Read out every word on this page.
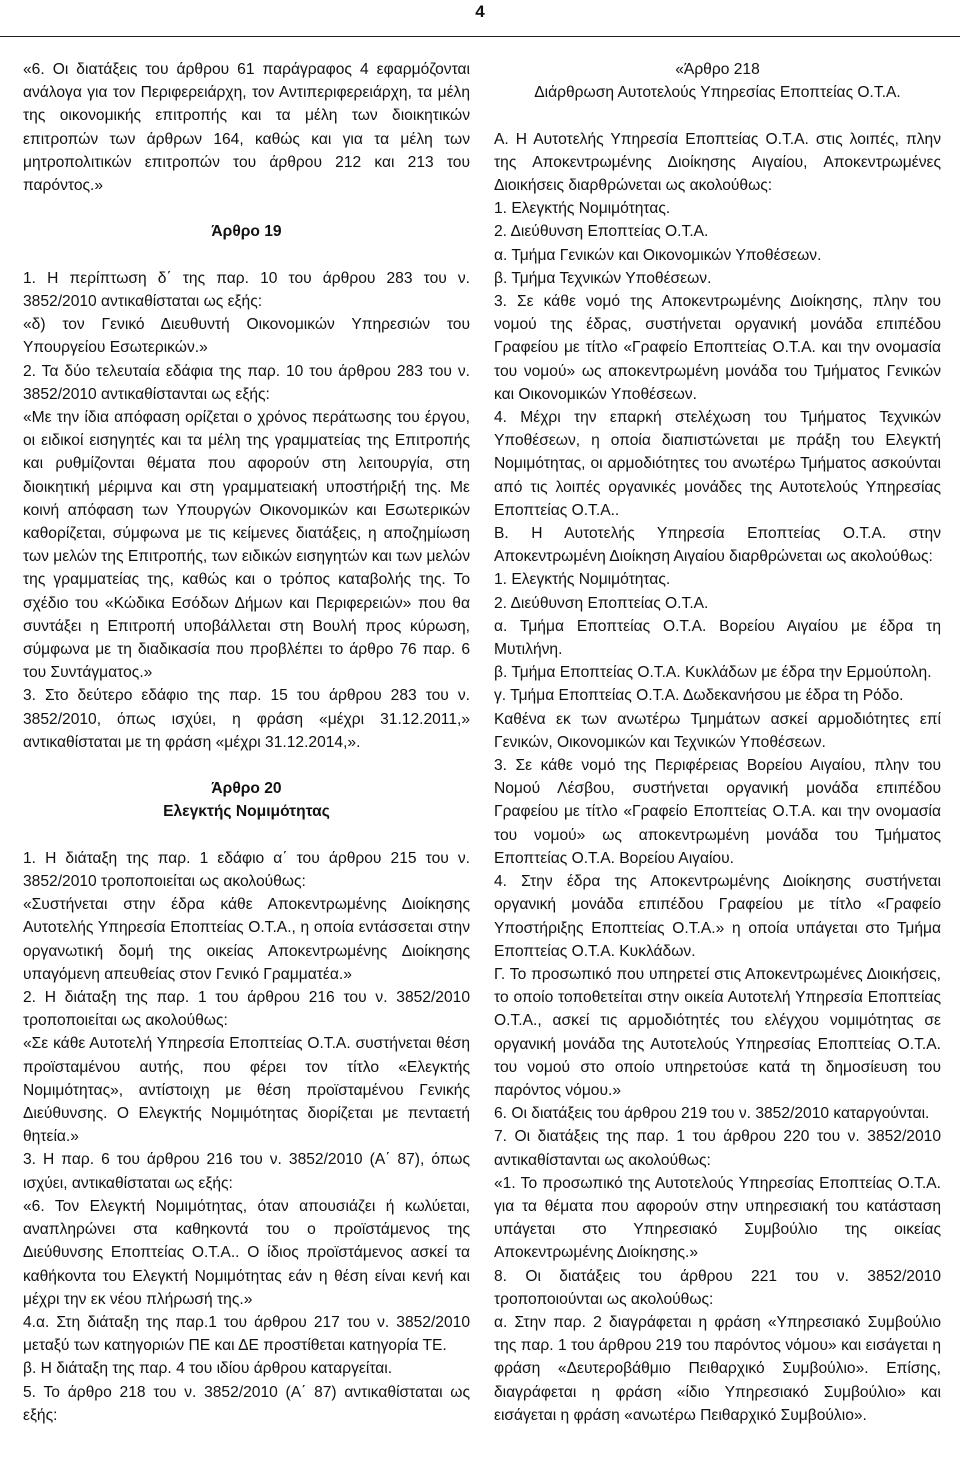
4

«6. Οι διατάξεις του άρθρου 61 παράγραφος 4 εφαρμόζονται ανάλογα για τον Περιφερειάρχη, τον Αντιπεριφερειάρχη, τα μέλη της οικονομικής επιτροπής και τα μέλη των διοικητικών επιτροπών των άρθρων 164, καθώς και για τα μέλη των μητροπολιτικών επιτροπών του άρθρου 212 και 213 του παρόντος.»

Άρθρο 19

1. Η περίπτωση δ΄ της παρ. 10 του άρθρου 283 του ν. 3852/2010 αντικαθίσταται ως εξής:

«δ) τον Γενικό Διευθυντή Οικονομικών Υπηρεσιών του Υπουργείου Εσωτερικών.»

2. Τα δύο τελευταία εδάφια της παρ. 10 του άρθρου 283 του ν. 3852/2010 αντικαθίστανται ως εξής:

«Με την ίδια απόφαση ορίζεται ο χρόνος περάτωσης του έργου, οι ειδικοί εισηγητές και τα μέλη της γραμματείας της Επιτροπής και ρυθμίζονται θέματα που αφορούν στη λειτουργία, στη διοικητική μέριμνα και στη γραμματειακή υποστήριξή της. Με κοινή απόφαση των Υπουργών Οικονομικών και Εσωτερικών καθορίζεται, σύμφωνα με τις κείμενες διατάξεις, η αποζημίωση των μελών της Επιτροπής, των ειδικών εισηγητών και των μελών της γραμματείας της, καθώς και ο τρόπος καταβολής της. Το σχέδιο του «Κώδικα Εσόδων Δήμων και Περιφερειών» που θα συντάξει η Επιτροπή υποβάλλεται στη Βουλή προς κύρωση, σύμφωνα με τη διαδικασία που προβλέπει το άρθρο 76 παρ. 6 του Συντάγματος.»

3. Στο δεύτερο εδάφιο της παρ. 15 του άρθρου 283 του ν. 3852/2010, όπως ισχύει, η φράση «μέχρι 31.12.2011,» αντικαθίσταται με τη φράση «μέχρι 31.12.2014,».

Άρθρο 20
Ελεγκτής Νομιμότητας

1. Η διάταξη της παρ. 1 εδάφιο α΄ του άρθρου 215 του ν. 3852/2010 τροποποιείται ως ακολούθως:

«Συστήνεται στην έδρα κάθε Αποκεντρωμένης Διοίκησης Αυτοτελής Υπηρεσία Εποπτείας Ο.Τ.Α., η οποία εντάσσεται στην οργανωτική δομή της οικείας Αποκεντρωμένης Διοίκησης υπαγόμενη απευθείας στον Γενικό Γραμματέα.»

2. Η διάταξη της παρ. 1 του άρθρου 216 του ν. 3852/2010 τροποποιείται ως ακολούθως:

«Σε κάθε Αυτοτελή Υπηρεσία Εποπτείας Ο.Τ.Α. συστήνεται θέση προϊσταμένου αυτής, που φέρει τον τίτλο «Ελεγκτής Νομιμότητας», αντίστοιχη με θέση προϊσταμένου Γενικής Διεύθυνσης. Ο Ελεγκτής Νομιμότητας διορίζεται με πενταετή θητεία.»

3. Η παρ. 6 του άρθρου 216 του ν. 3852/2010 (Α΄ 87), όπως ισχύει, αντικαθίσταται ως εξής:

«6. Τον Ελεγκτή Νομιμότητας, όταν απουσιάζει ή κωλύεται, αναπληρώνει στα καθηκοντά του ο προϊστάμενος της Διεύθυνσης Εποπτείας Ο.Τ.Α.. Ο ίδιος προϊστάμενος ασκεί τα καθήκοντα του Ελεγκτή Νομιμότητας εάν η θέση είναι κενή και μέχρι την εκ νέου πλήρωσή της.»

4.α. Στη διάταξη της παρ.1 του άρθρου 217 του ν. 3852/2010 μεταξύ των κατηγοριών ΠΕ και ΔΕ προστίθεται κατηγορία ΤΕ.

β. Η διάταξη της παρ. 4 του ιδίου άρθρου καταργείται.

5. Το άρθρο 218 του ν. 3852/2010 (Α΄ 87) αντικαθίσταται ως εξής:

«Άρθρο 218
Διάρθρωση Αυτοτελούς Υπηρεσίας Εποπτείας Ο.Τ.Α.

Α. Η Αυτοτελής Υπηρεσία Εποπτείας Ο.Τ.Α. στις λοιπές, πλην της Αποκεντρωμένης Διοίκησης Αιγαίου, Αποκεντρωμένες Διοικήσεις διαρθρώνεται ως ακολούθως:

1. Ελεγκτής Νομιμότητας.

2. Διεύθυνση Εποπτείας Ο.Τ.Α.

α. Τμήμα Γενικών και Οικονομικών Υποθέσεων.

β. Τμήμα Τεχνικών Υποθέσεων.

3. Σε κάθε νομό της Αποκεντρωμένης Διοίκησης, πλην του νομού της έδρας, συστήνεται οργανική μονάδα επιπέδου Γραφείου με τίτλο «Γραφείο Εποπτείας Ο.Τ.Α. και την ονομασία του νομού» ως αποκεντρωμένη μονάδα του Τμήματος Γενικών και Οικονομικών Υποθέσεων.

4. Μέχρι την επαρκή στελέχωση του Τμήματος Τεχνικών Υποθέσεων, η οποία διαπιστώνεται με πράξη του Ελεγκτή Νομιμότητας, οι αρμοδιότητες του ανωτέρω Τμήματος ασκούνται από τις λοιπές οργανικές μονάδες της Αυτοτελούς Υπηρεσίας Εποπτείας Ο.Τ.Α..

Β. Η Αυτοτελής Υπηρεσία Εποπτείας Ο.Τ.Α. στην Αποκεντρωμένη Διοίκηση Αιγαίου διαρθρώνεται ως ακολούθως:

1. Ελεγκτής Νομιμότητας.

2. Διεύθυνση Εποπτείας Ο.Τ.Α.

α. Τμήμα Εποπτείας Ο.Τ.Α. Βορείου Αιγαίου με έδρα τη Μυτιλήνη.

β. Τμήμα Εποπτείας Ο.Τ.Α. Κυκλάδων με έδρα την Ερμούπολη.

γ. Τμήμα Εποπτείας Ο.Τ.Α. Δωδεκανήσου με έδρα τη Ρόδο.

Καθένα εκ των ανωτέρω Τμημάτων ασκεί αρμοδιότητες επί Γενικών, Οικονομικών και Τεχνικών Υποθέσεων.

3. Σε κάθε νομό της Περιφέρειας Βορείου Αιγαίου, πλην του Νομού Λέσβου, συστήνεται οργανική μονάδα επιπέδου Γραφείου με τίτλο «Γραφείο Εποπτείας Ο.Τ.Α. και την ονομασία του νομού» ως αποκεντρωμένη μονάδα του Τμήματος Εποπτείας Ο.Τ.Α. Βορείου Αιγαίου.

4. Στην έδρα της Αποκεντρωμένης Διοίκησης συστήνεται οργανική μονάδα επιπέδου Γραφείου με τίτλο «Γραφείο Υποστήριξης Εποπτείας Ο.Τ.Α.» η οποία υπάγεται στο Τμήμα Εποπτείας Ο.Τ.Α. Κυκλάδων.

Γ. Το προσωπικό που υπηρετεί στις Αποκεντρωμένες Διοικήσεις, το οποίο τοποθετείται στην οικεία Αυτοτελή Υπηρεσία Εποπτείας Ο.Τ.Α., ασκεί τις αρμοδιότητές του ελέγχου νομιμότητας σε οργανική μονάδα της Αυτοτελούς Υπηρεσίας Εποπτείας Ο.Τ.Α. του νομού στο οποίο υπηρετούσε κατά τη δημοσίευση του παρόντος νόμου.»

6. Οι διατάξεις του άρθρου 219 του ν. 3852/2010 καταργούνται.

7. Οι διατάξεις της παρ. 1 του άρθρου 220 του ν. 3852/2010 αντικαθίστανται ως ακολούθως:

«1. Το προσωπικό της Αυτοτελούς Υπηρεσίας Εποπτείας Ο.Τ.Α. για τα θέματα που αφορούν στην υπηρεσιακή του κατάσταση υπάγεται στο Υπηρεσιακό Συμβούλιο της οικείας Αποκεντρωμένης Διοίκησης.»

8. Οι διατάξεις του άρθρου 221 του ν. 3852/2010 τροποποιούνται ως ακολούθως:

α. Στην παρ. 2 διαγράφεται η φράση «Υπηρεσιακό Συμβούλιο της παρ. 1 του άρθρου 219 του παρόντος νόμου» και εισάγεται η φράση «Δευτεροβάθμιο Πειθαρχικό Συμβούλιο». Επίσης, διαγράφεται η φράση «ίδιο Υπηρεσιακό Συμβούλιο» και εισάγεται η φράση «ανωτέρω Πειθαρχικό Συμβούλιο».
